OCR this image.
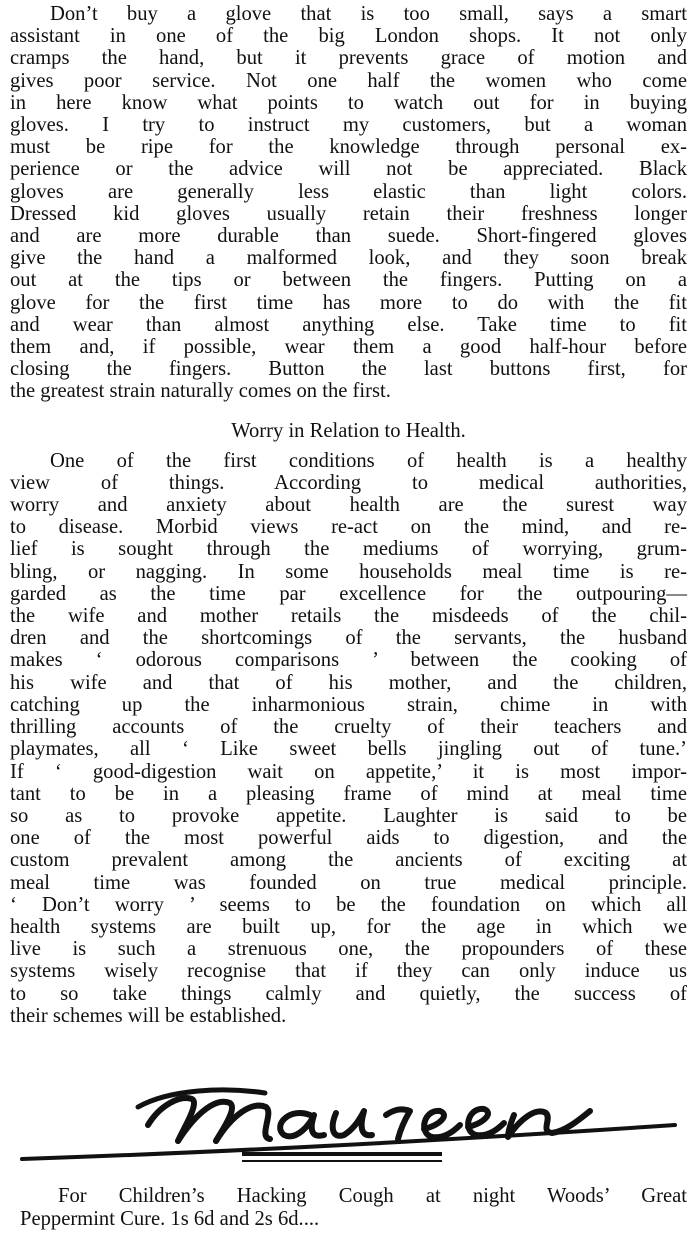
Don’t buy a glove that is too small, says a smart
assistant in one of the big London shops. It not only
cramps the hand, but it prevents grace of motion and
gives poor service. Not one half the women who come
in here know what points to watch out for in buying
gloves. I try to instruct my customers, but a woman
must be ripe for the knowledge through personal ex-
perience or the advice will not be appreciated. Black
gloves are generally less elastic than light colors.
Dressed kid gloves usually retain their freshness longer
and are more durable than suede. Short-fingered gloves
give the hand a malformed look, and they soon break
out at the tips or between the fingers. Putting on a
glove for the first time has more to do with the fit
and wear than almost anything else. Take time to fit
them and, if possible, wear them a good half-hour before
closing the fingers. Button the last buttons first, for
the greatest strain naturally comes on the first.

Worry in Relation to Health.

One of the first conditions of health is a healthy
view of things. According to medical authorities,
worry and anxiety about health are the surest way
to disease. Morbid views re-act on the mind, and re-
lief is sought through the mediums of worrying, grum-
bling, or nagging. In some households meal time is re-
garded as the time par excellence for the outpouring—
the wife and mother retails the misdeeds of the chil-
dren and the shortcomings of the servants, the husband
makes ‘ odorous comparisons ’ between the cooking of
his wife and that of his mother, and the children,
catching up the inharmonious strain, chime in with
thrilling accounts of the cruelty of their teachers and
playmates, all ‘ Like sweet bells jingling out of tune.’
If ‘ good-digestion wait on appetite,’ it is most impor-
tant to be in a pleasing frame of mind at meal time
so as to provoke appetite. Laughter is said to be
one of the most powerful aids to digestion, and the
custom prevalent among the ancients of exciting at
meal time was founded on true medical principle.
‘ Don’t worry ’ seems to be the foundation on which all
health systems are built up, for the age in which we
live is such a strenuous one, the propounders of these
systems wisely recognise that if they can only induce us
to so take things calmly and quietly, the success of
their schemes will be established.

For Children’s Hacking Cough at night Woods’ Great
Peppermint Cure. 1s 6d and 2s 6d....
